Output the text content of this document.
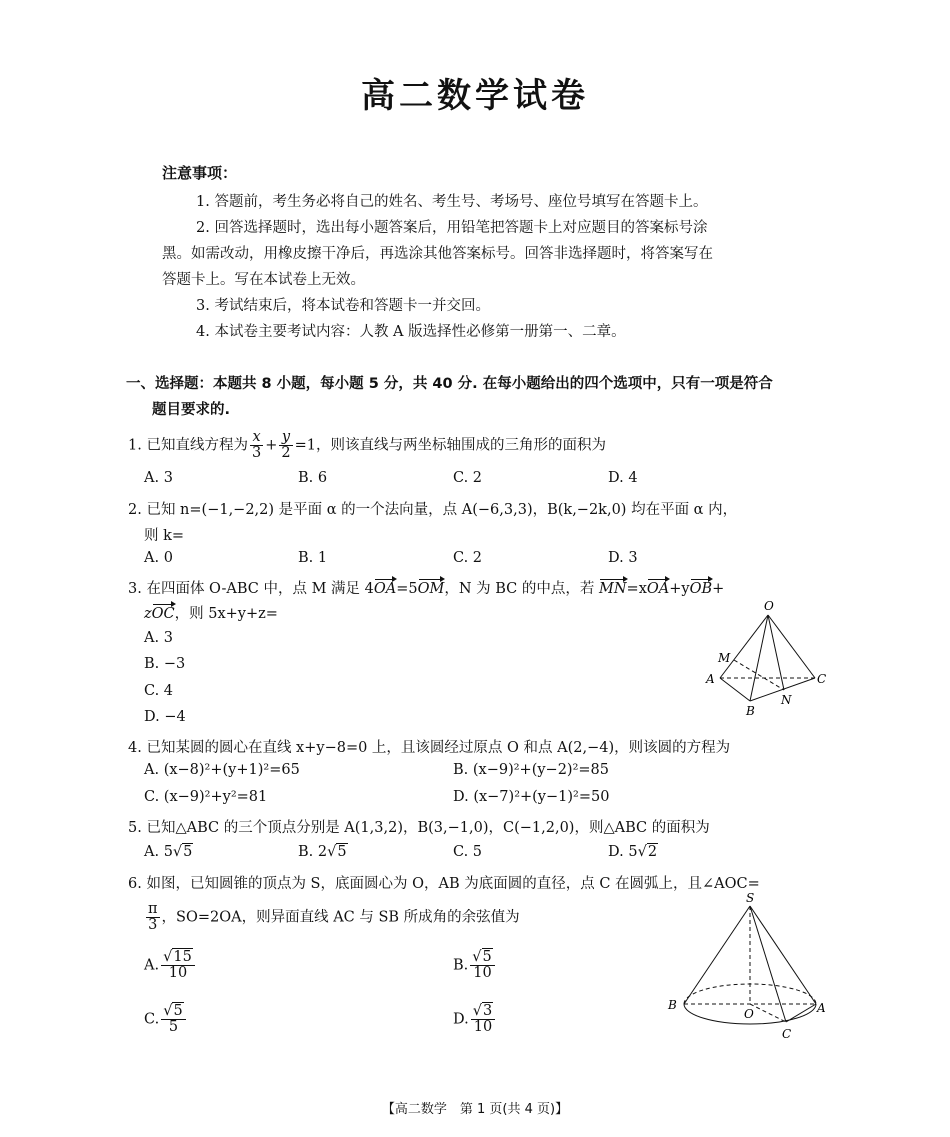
高二数学试卷
注意事项：
1. 答题前，考生务必将自己的姓名、考生号、考场号、座位号填写在答题卡上。
2. 回答选择题时，选出每小题答案后，用铅笔把答题卡上对应题目的答案标号涂
黑。如需改动，用橡皮擦干净后，再选涂其他答案标号。回答非选择题时，将答案写在
答题卡上。写在本试卷上无效。
3. 考试结束后，将本试卷和答题卡一并交回。
4. 本试卷主要考试内容：人教 A 版选择性必修第一册第一、二章。
一、选择题：本题共 8 小题，每小题 5 分，共 40 分. 在每小题给出的四个选项中，只有一项是符合
题目要求的.
1. 已知直线方程为 $\frac{x}{3} + \frac{y}{2} =1$，则该直线与两坐标轴围成的三角形的面积为
A. 3	B. 6	C. 2	D. 4
2. 已知 n=(−1,−2,2) 是平面 α 的一个法向量，点 A(−6,3,3)，B(k,−2k,0) 均在平面 α 内，
则 k=
A. 0	B. 1	C. 2	D. 3
3. 在四面体 O-ABC 中，点 M 满足 4OA=5OM，N 为 BC 的中点，若 MN=xOA+yOB+
zOC，则 5x+y+z=
A. 3
B. −3
C. 4
D. −4
O
M
A
B
N
C
4. 已知某圆的圆心在直线 x+y−8=0 上，且该圆经过原点 O 和点 A(2,−4)，则该圆的方程为
A. (x−8)²+(y+1)²=65	B. (x−9)²+(y−2)²=85
C. (x−9)²+y²=81	D. (x−7)²+(y−1)²=50
5. 已知△ABC 的三个顶点分别是 A(1,3,2)，B(3,−1,0)，C(−1,2,0)，则△ABC 的面积为
A. 5√5	B. 2√5	C. 5	D. 5√2
6. 如图，已知圆锥的顶点为 S，底面圆心为 O，AB 为底面圆的直径，点 C 在圆弧上，且∠AOC=
$\frac{\pi}{3}$ ，SO=2OA，则异面直线 AC 与 SB 所成角的余弦值为
A. $\frac{√15}{10}$	B. $\frac{√5}{10}$
C. $\frac{√5}{5}$	D. $\frac{√3}{10}$
S
B
O	A
C
【高二数学　第 1 页(共 4 页)】
